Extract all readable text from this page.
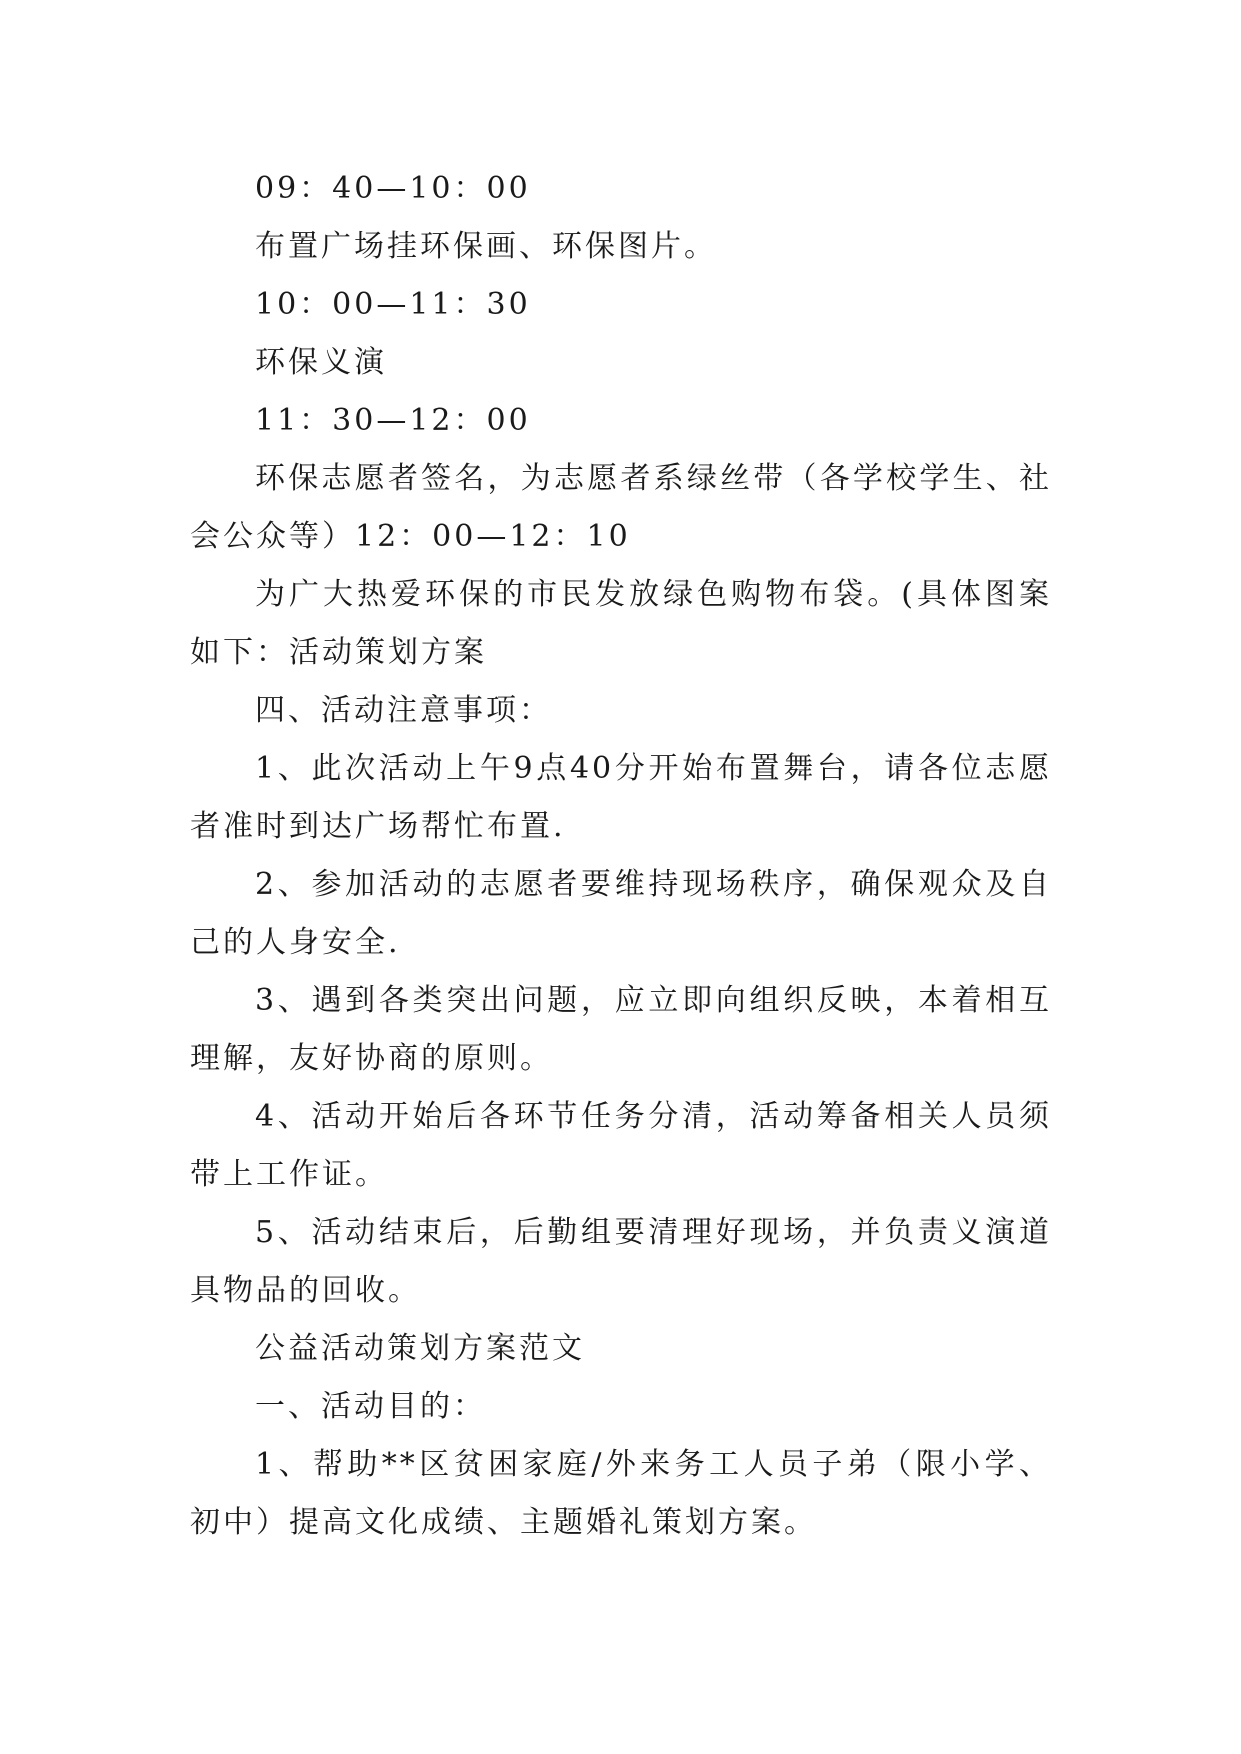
09：40—10：00

布置广场挂环保画、环保图片。

10：00—11：30

环保义演

11：30—12：00

环保志愿者签名，为志愿者系绿丝带（各学校学生、社会公众等）12：00—12：10

为广大热爱环保的市民发放绿色购物布袋。(具体图案如下：活动策划方案

四、活动注意事项：

1、此次活动上午9点40分开始布置舞台，请各位志愿者准时到达广场帮忙布置.

2、参加活动的志愿者要维持现场秩序，确保观众及自己的人身安全.

3、遇到各类突出问题，应立即向组织反映，本着相互理解，友好协商的原则。

4、活动开始后各环节任务分清，活动筹备相关人员须带上工作证。

5、活动结束后，后勤组要清理好现场，并负责义演道具物品的回收。

公益活动策划方案范文

一、活动目的：

1、帮助**区贫困家庭/外来务工人员子弟（限小学、初中）提高文化成绩、主题婚礼策划方案。
